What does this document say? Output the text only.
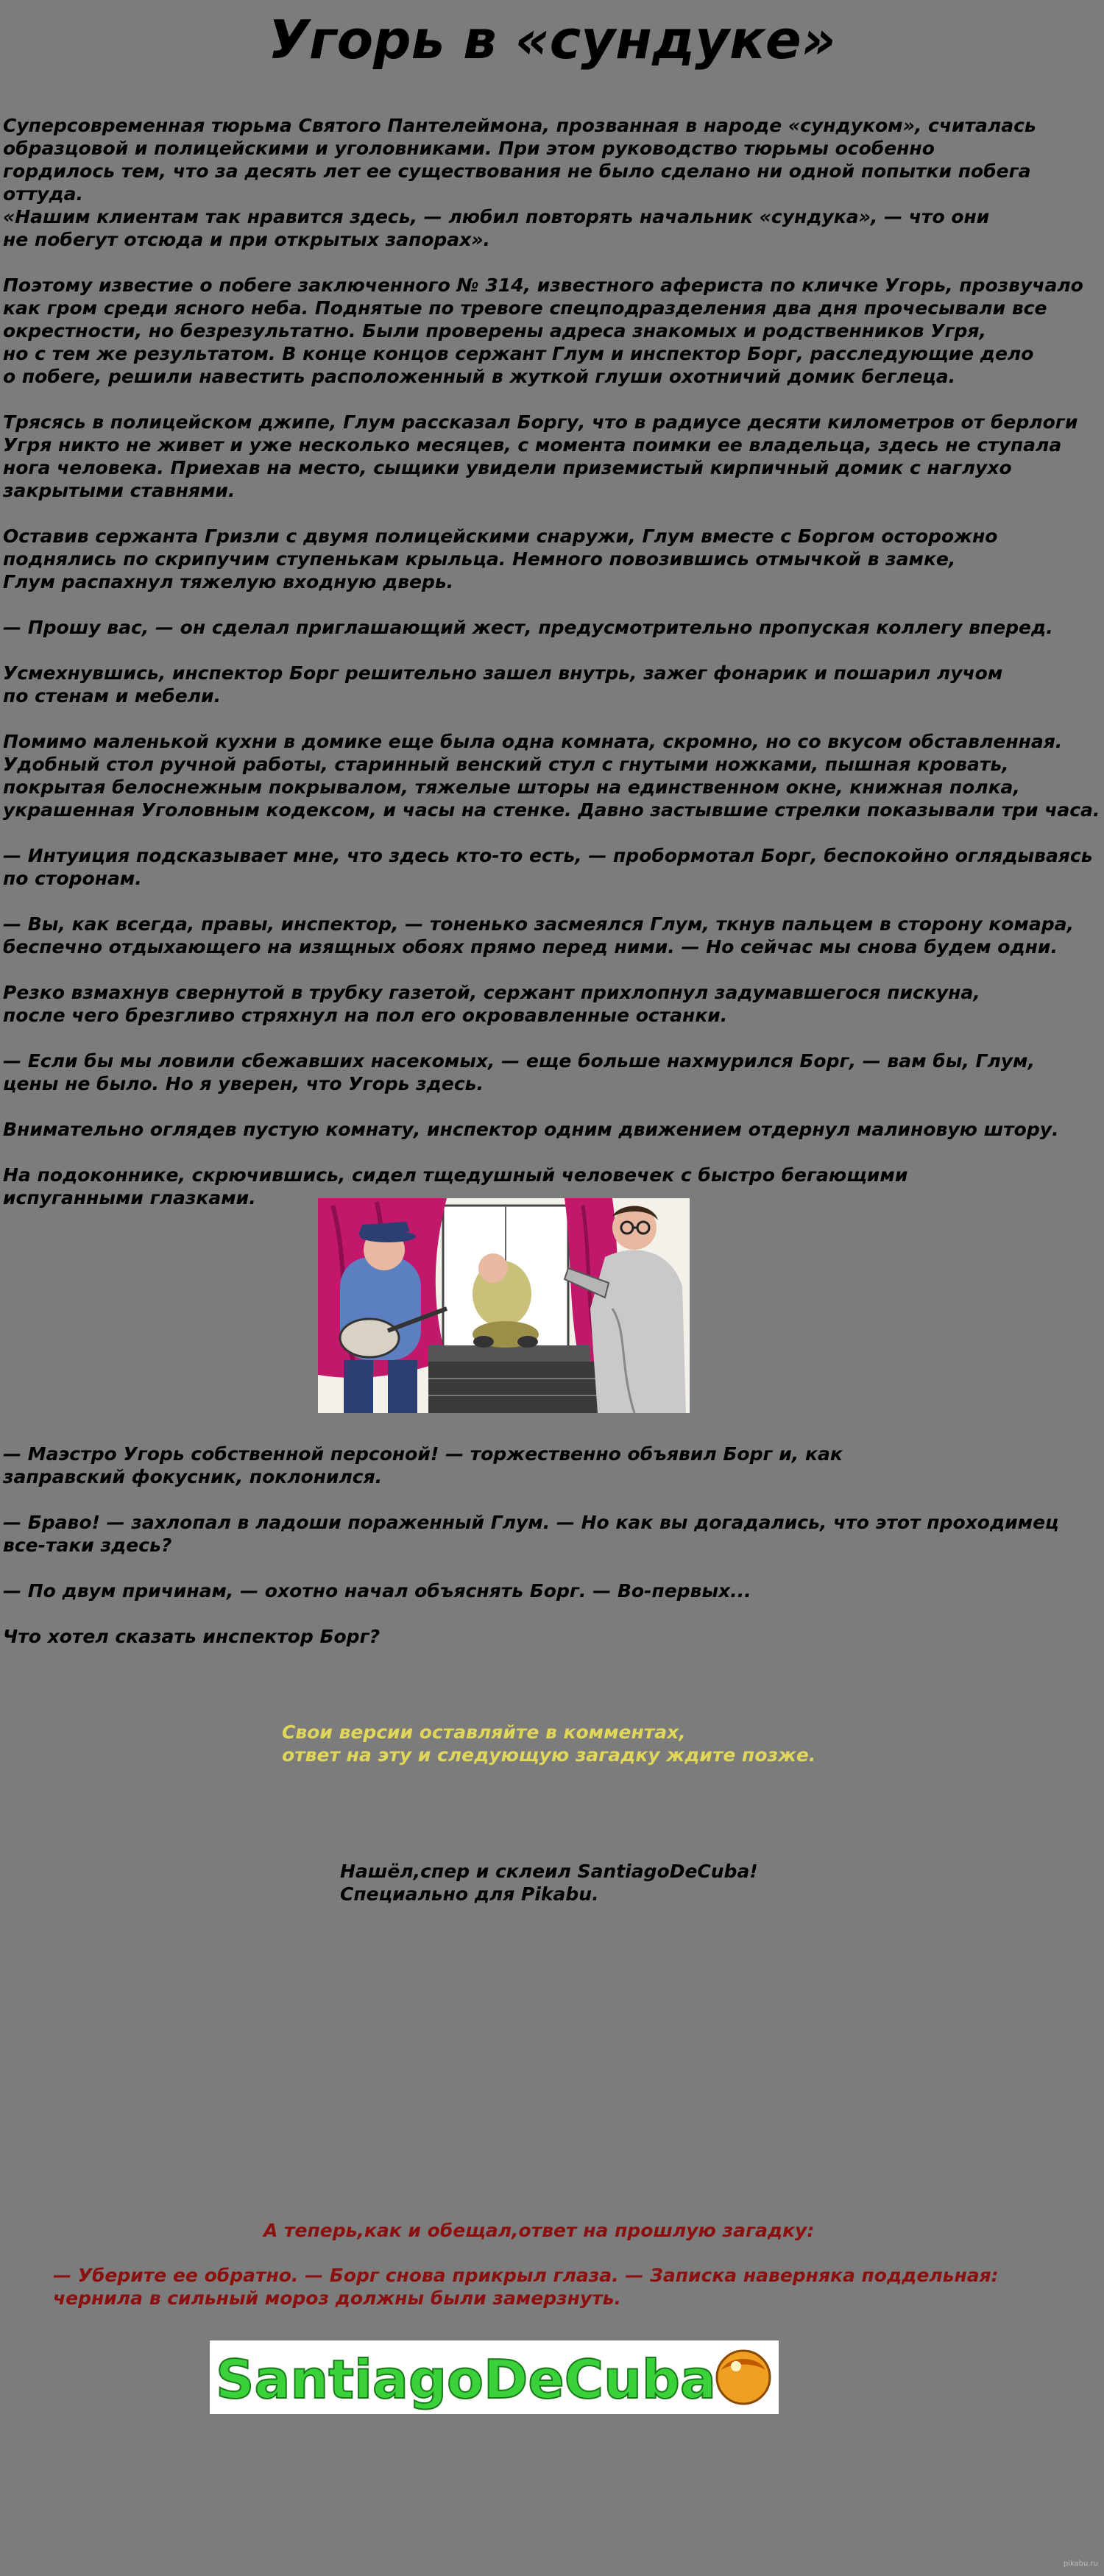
Угорь в «сундуке»

Суперсовременная тюрьма Святого Пантелеймона, прозванная в народе «сундуком», считалась
образцовой и полицейскими и уголовниками. При этом руководство тюрьмы особенно
гордилось тем, что за десять лет ее существования не было сделано ни одной попытки побега оттуда.
«Нашим клиентам так нравится здесь, — любил повторять начальник «сундука», — что они
не побегут отсюда и при открытых запорах».

Поэтому известие о побеге заключенного № 314, известного афериста по кличке Угорь, прозвучало
как гром среди ясного неба. Поднятые по тревоге спецподразделения два дня прочесывали все
окрестности, но безрезультатно. Были проверены адреса знакомых и родственников Угря,
но с тем же результатом. В конце концов сержант Глум и инспектор Борг, расследующие дело
о побеге, решили навестить расположенный в жуткой глуши охотничий домик беглеца.

Трясясь в полицейском джипе, Глум рассказал Боргу, что в радиусе десяти километров от берлоги
Угря никто не живет и уже несколько месяцев, с момента поимки ее владельца, здесь не ступала
нога человека. Приехав на место, сыщики увидели приземистый кирпичный домик с наглухо
закрытыми ставнями.

Оставив сержанта Гризли с двумя полицейскими снаружи, Глум вместе с Боргом осторожно
поднялись по скрипучим ступенькам крыльца. Немного повозившись отмычкой в замке,
Глум распахнул тяжелую входную дверь.

— Прошу вас, — он сделал приглашающий жест, предусмотрительно пропуская коллегу вперед.

Усмехнувшись, инспектор Борг решительно зашел внутрь, зажег фонарик и пошарил лучом
по стенам и мебели.

Помимо маленькой кухни в домике еще была одна комната, скромно, но со вкусом обставленная.
Удобный стол ручной работы, старинный венский стул с гнутыми ножками, пышная кровать,
покрытая белоснежным покрывалом, тяжелые шторы на единственном окне, книжная полка,
украшенная Уголовным кодексом, и часы на стенке. Давно застывшие стрелки показывали три часа.

— Интуиция подсказывает мне, что здесь кто-то есть, — пробормотал Борг, беспокойно оглядываясь
по сторонам.

— Вы, как всегда, правы, инспектор, — тоненько засмеялся Глум, ткнув пальцем в сторону комара,
беспечно отдыхающего на изящных обоях прямо перед ними. — Но сейчас мы снова будем одни.

Резко взмахнув свернутой в трубку газетой, сержант прихлопнул задумавшегося пискуна,
после чего брезгливо стряхнул на пол его окровавленные останки.

— Если бы мы ловили сбежавших насекомых, — еще больше нахмурился Борг, — вам бы, Глум,
цены не было. Но я уверен, что Угорь здесь.

Внимательно оглядев пустую комнату, инспектор одним движением отдернул малиновую штору.

На подоконнике, скрючившись, сидел тщедушный человечек с быстро бегающими
испуганными глазками.

— Маэстро Угорь собственной персоной! — торжественно объявил Борг и, как
заправский фокусник, поклонился.

— Браво! — захлопал в ладоши пораженный Глум. — Но как вы догадались, что этот проходимец
все-таки здесь?

— По двум причинам, — охотно начал объяснять Борг. — Во-первых...

Что хотел сказать инспектор Борг?

Свои версии оставляйте в комментах,
ответ на эту и следующую загадку ждите позже.

Нашёл,спер и склеил SantiagoDeCuba!
Специально для Pikabu.

А теперь,как и обещал,ответ на прошлую загадку:

— Уберите ее обратно. — Борг снова прикрыл глаза. — Записка наверняка поддельная:
чернила в сильный мороз должны были замерзнуть.

SantiagoDeCuba
pikabu.ru
